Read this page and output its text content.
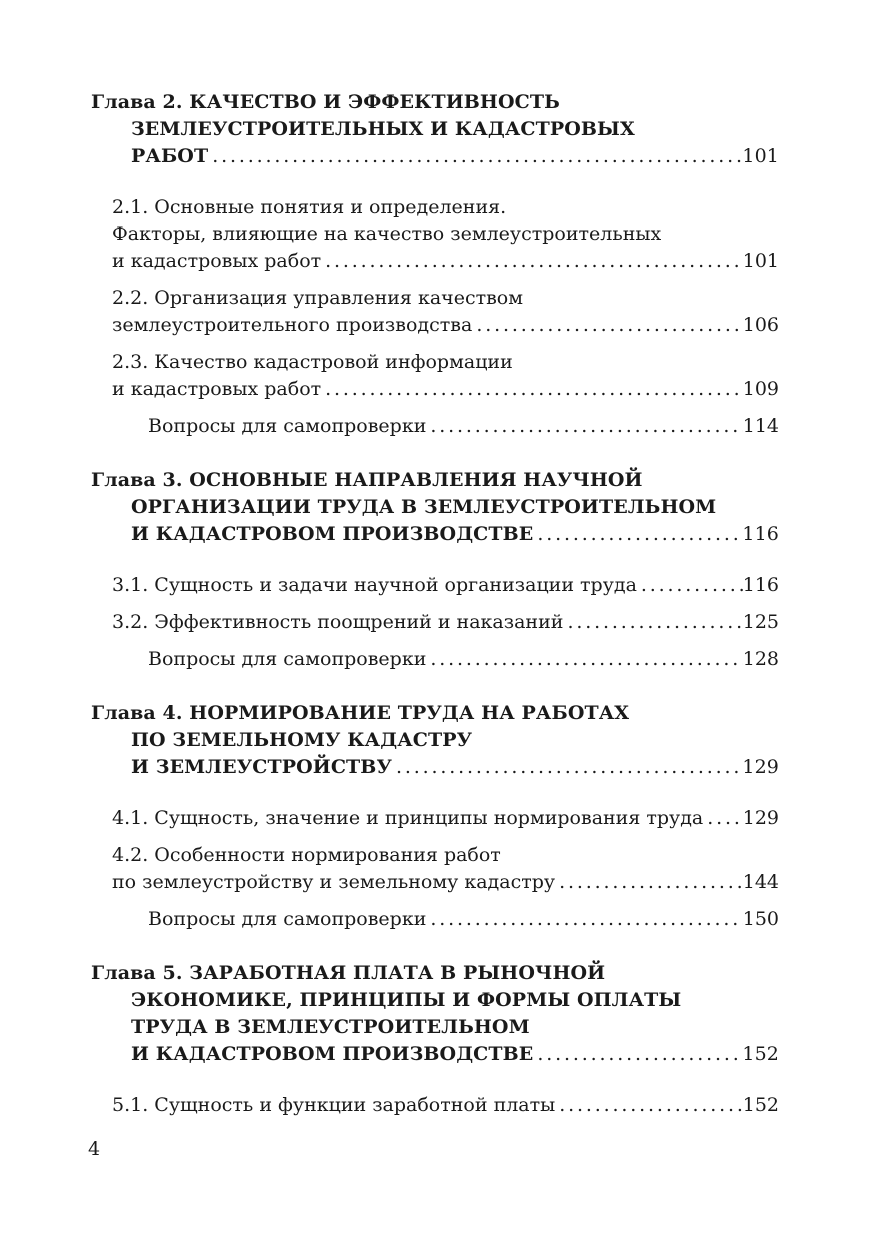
Глава 2. КАЧЕСТВО И ЭФФЕКТИВНОСТЬ
ЗЕМЛЕУСТРОИТЕЛЬНЫХ И КАДАСТРОВЫХ
РАБОТ . . .	101
2.1. Основные понятия и определения.
Факторы, влияющие на качество землеустроительных
и кадастровых работ . . .	101
2.2. Организация управления качеством
землеустроительного производства . . .	106
2.3. Качество кадастровой информации
и кадастровых работ . . .	109
Вопросы для самопроверки . . .	114
Глава 3. ОСНОВНЫЕ НАПРАВЛЕНИЯ НАУЧНОЙ
ОРГАНИЗАЦИИ ТРУДА В ЗЕМЛЕУСТРОИТЕЛЬНОМ
И КАДАСТРОВОМ ПРОИЗВОДСТВЕ . . .	116
3.1. Сущность и задачи научной организации труда . . .	116
3.2. Эффективность поощрений и наказаний . . .	125
Вопросы для самопроверки . . .	128
Глава 4. НОРМИРОВАНИЕ ТРУДА НА РАБОТАХ
ПО ЗЕМЕЛЬНОМУ КАДАСТРУ
И ЗЕМЛЕУСТРОЙСТВУ . . .	129
4.1. Сущность, значение и принципы нормирования труда . . . 129
4.2. Особенности нормирования работ
по землеустройству и земельному кадастру . . .	144
Вопросы для самопроверки . . .	150
Глава 5. ЗАРАБОТНАЯ ПЛАТА В РЫНОЧНОЙ
ЭКОНОМИКЕ, ПРИНЦИПЫ И ФОРМЫ ОПЛАТЫ
ТРУДА В ЗЕМЛЕУСТРОИТЕЛЬНОМ
И КАДАСТРОВОМ ПРОИЗВОДСТВЕ . . .	152
5.1. Сущность и функции заработной платы . . .	152
4
